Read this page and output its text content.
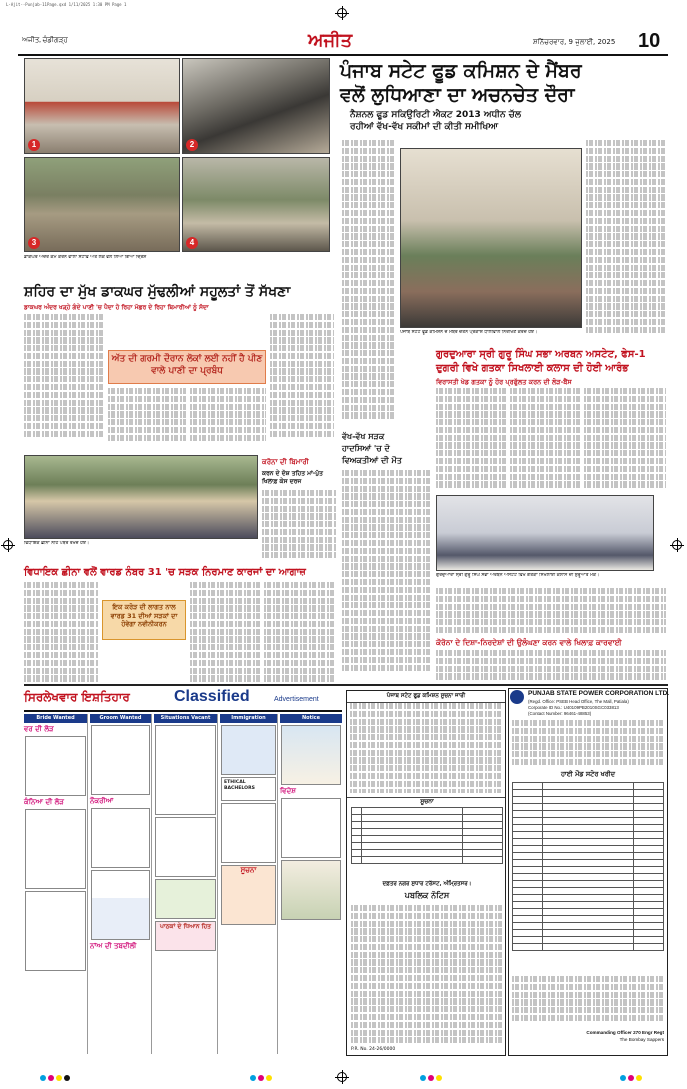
L-Ajit--Punjab-11Page.qxd 1/11/2025 1:30 PM Page 1
ਅਜੀਤ, ਚੰਡੀਗੜ੍ਹ	ਅਜੀਤ	ਸ਼ਨਿੱਚਰਵਾਰ, 9 ਜੁਲਾਈ, 2025 10
1	2
3	4
ਡਾਕਘਰ ਅੰਦਰ ਕੰਮ ਕਰਨ ਵਾਲਾ ਸਟਾਫ਼ ਅਤੇ ਲੋਕ ਵੱਲੋਂ ਲਿਆ ਗਿਆ ਦ੍ਰਿਸ਼
ਪੰਜਾਬ ਸਟੇਟ ਫੂਡ ਕਮਿਸ਼ਨ ਦੇ ਮੈਂਬਰ
ਵਲੋਂ ਲੁਧਿਆਣਾ ਦਾ ਅਚਨਚੇਤ ਦੌਰਾ
ਨੈਸ਼ਨਲ ਫੂਡ ਸਕਿਉਰਿਟੀ ਐਕਟ 2013 ਅਧੀਨ ਚੱਲ
ਰਹੀਆਂ ਵੱਖ-ਵੱਖ ਸਕੀਮਾਂ ਦੀ ਕੀਤੀ ਸਮੀਖਿਆ
ਪੰਜਾਬ ਸਟੇਟ ਫੂਡ ਕਮਿਸ਼ਨ ਦੇ ਮੈਂਬਰ ਚੇਤਨ ਪ੍ਰਕਾਸ਼ ਧਾਲੀਵਾਲ ਨਿਰੀਖਣ ਕਰਦੇ ਹੋਏ।
ਸ਼ਹਿਰ ਦਾ ਮੁੱਖ ਡਾਕਘਰ ਮੁੱਢਲੀਆਂ ਸਹੂਲਤਾਂ ਤੋਂ ਸੱਖਣਾ
ਡਾਕਘਰ ਅੰਦਰ ਖੜ੍ਹੇ ਗੰਦੇ ਪਾਣੀ 'ਚ ਪੈਦਾ ਹੋ ਰਿਹਾ ਮੱਛਰ ਦੇ ਰਿਹਾ ਬਿਮਾਰੀਆਂ ਨੂੰ ਸੱਦਾ
ਅੱਤ ਦੀ ਗਰਮੀ ਦੌਰਾਨ ਲੋਕਾਂ ਲਈ ਨਹੀਂ ਹੈ ਪੀਣ ਵਾਲੇ ਪਾਣੀ ਦਾ ਪ੍ਰਬੰਧ
ਵੱਖ-ਵੱਖ ਸੜਕ
ਹਾਦਸਿਆਂ 'ਚ ਦੋ
ਵਿਅਕਤੀਆਂ ਦੀ ਮੌਤ
ਗੁਰਦੁਆਰਾ ਸ੍ਰੀ ਗੁਰੂ ਸਿੰਘ ਸਭਾ ਅਰਬਨ ਅਸਟੇਟ, ਫੇਸ-1
ਦੁਗਰੀ ਵਿਖੇ ਗਤਕਾ ਸਿਖਲਾਈ ਕਲਾਸ ਦੀ ਹੋਈ ਆਰੰਭ
ਵਿਰਾਸਤੀ ਖੇਡ ਗਤਕਾ ਨੂੰ ਹੋਰ ਪ੍ਰਫੁੱਲਤ ਕਰਨ ਦੀ ਲੋੜ-ਬੈਂਸ
ਗੁਰਦੁਆਰਾ ਸ੍ਰੀ ਗੁਰੂ ਸਿੰਘ ਸਭਾ ਅਰਬਨ ਅਸਟੇਟ ਵਿਖੇ ਗਤਕਾ ਸਿਖਲਾਈ ਕਲਾਸ ਦੀ ਸ਼ੁਰੂਆਤ ਮੌਕੇ।
ਵਿਧਾਇਕ ਛੀਨਾ ਨੀਂਹ ਪੱਥਰ ਰੱਖਦੇ ਹੋਏ।
ਕਰੋਨਾ ਦੀ ਬਿਮਾਰੀ
ਕਰਨ ਦੇ ਦੋਸ਼ ਤਹਿਤ ਮਾਂ-ਪੁੱਤ ਖਿਲਾਫ਼ ਕੇਸ ਦਰਜ
ਵਿਧਾਇਕ ਛੀਨਾ ਵਲੋਂ ਵਾਰਡ ਨੰਬਰ 31 'ਚ ਸੜਕ ਨਿਰਮਾਣ ਕਾਰਜਾਂ ਦਾ ਆਗਾਜ਼
ਇਕ ਕਰੋੜ ਦੀ ਲਾਗਤ ਨਾਲ ਵਾਰਡ 31 ਦੀਆਂ ਸੜਕਾਂ ਦਾ ਹੋਵੇਗਾ ਨਵੀਨੀਕਰਨ
ਕੋਰੋਨਾ ਦੇ ਦਿਸ਼ਾ-ਨਿਰਦੇਸ਼ਾਂ ਦੀ ਉਲੰਘਣਾ ਕਰਨ ਵਾਲੇ ਖਿਲਾਫ਼ ਕਾਰਵਾਈ
ਸਿਰਲੇਖਵਾਰ ਇਸ਼ਤਿਹਾਰ	Classified	Advertisement
Bride Wanted
ਵਰ ਦੀ ਲੋੜ
ਕੰਨਿਆ ਦੀ ਲੋੜ
Groom Wanted
ਨੌਕਰੀਆਂ
ਨਾਂਅ ਦੀ ਤਬਦੀਲੀ
Situations Vacant
ਪਾਠਕਾਂ ਦੇ ਧਿਆਨ ਹਿਤ
Immigration
ETHICAL BACHELORS
ਸੂਚਨਾ
Notice
ਵਿਦੇਸ਼
ਪੰਜਾਬ ਸਟੇਟ ਫੂਡ ਕਮਿਸ਼ਨ ਸੂਚਨਾ ਜਾਰੀ
ਸੂਚਨਾ

ਦਫ਼ਤਰ ਨਗਰ ਸੁਧਾਰ ਟਰੱਸਟ, ਅੰਮ੍ਰਿਤਸਰ।
ਪਬਲਿਕ ਨੋਟਿਸ
P.R. No. 24-26/0000
PUNJAB STATE POWER CORPORATION LTD.
(Regd. Office: PSEB Head Office, The Mall, Patiala)
Corporate ID No.: U40109PB2010SGC033813
(Contact Number: 96461-48853)
ਹਾਈ ਮੌਡ ਸਟੋਰ ਖਰੀਦ

Commanding Officer 270 Engr Regt
The Bombay Sappers
